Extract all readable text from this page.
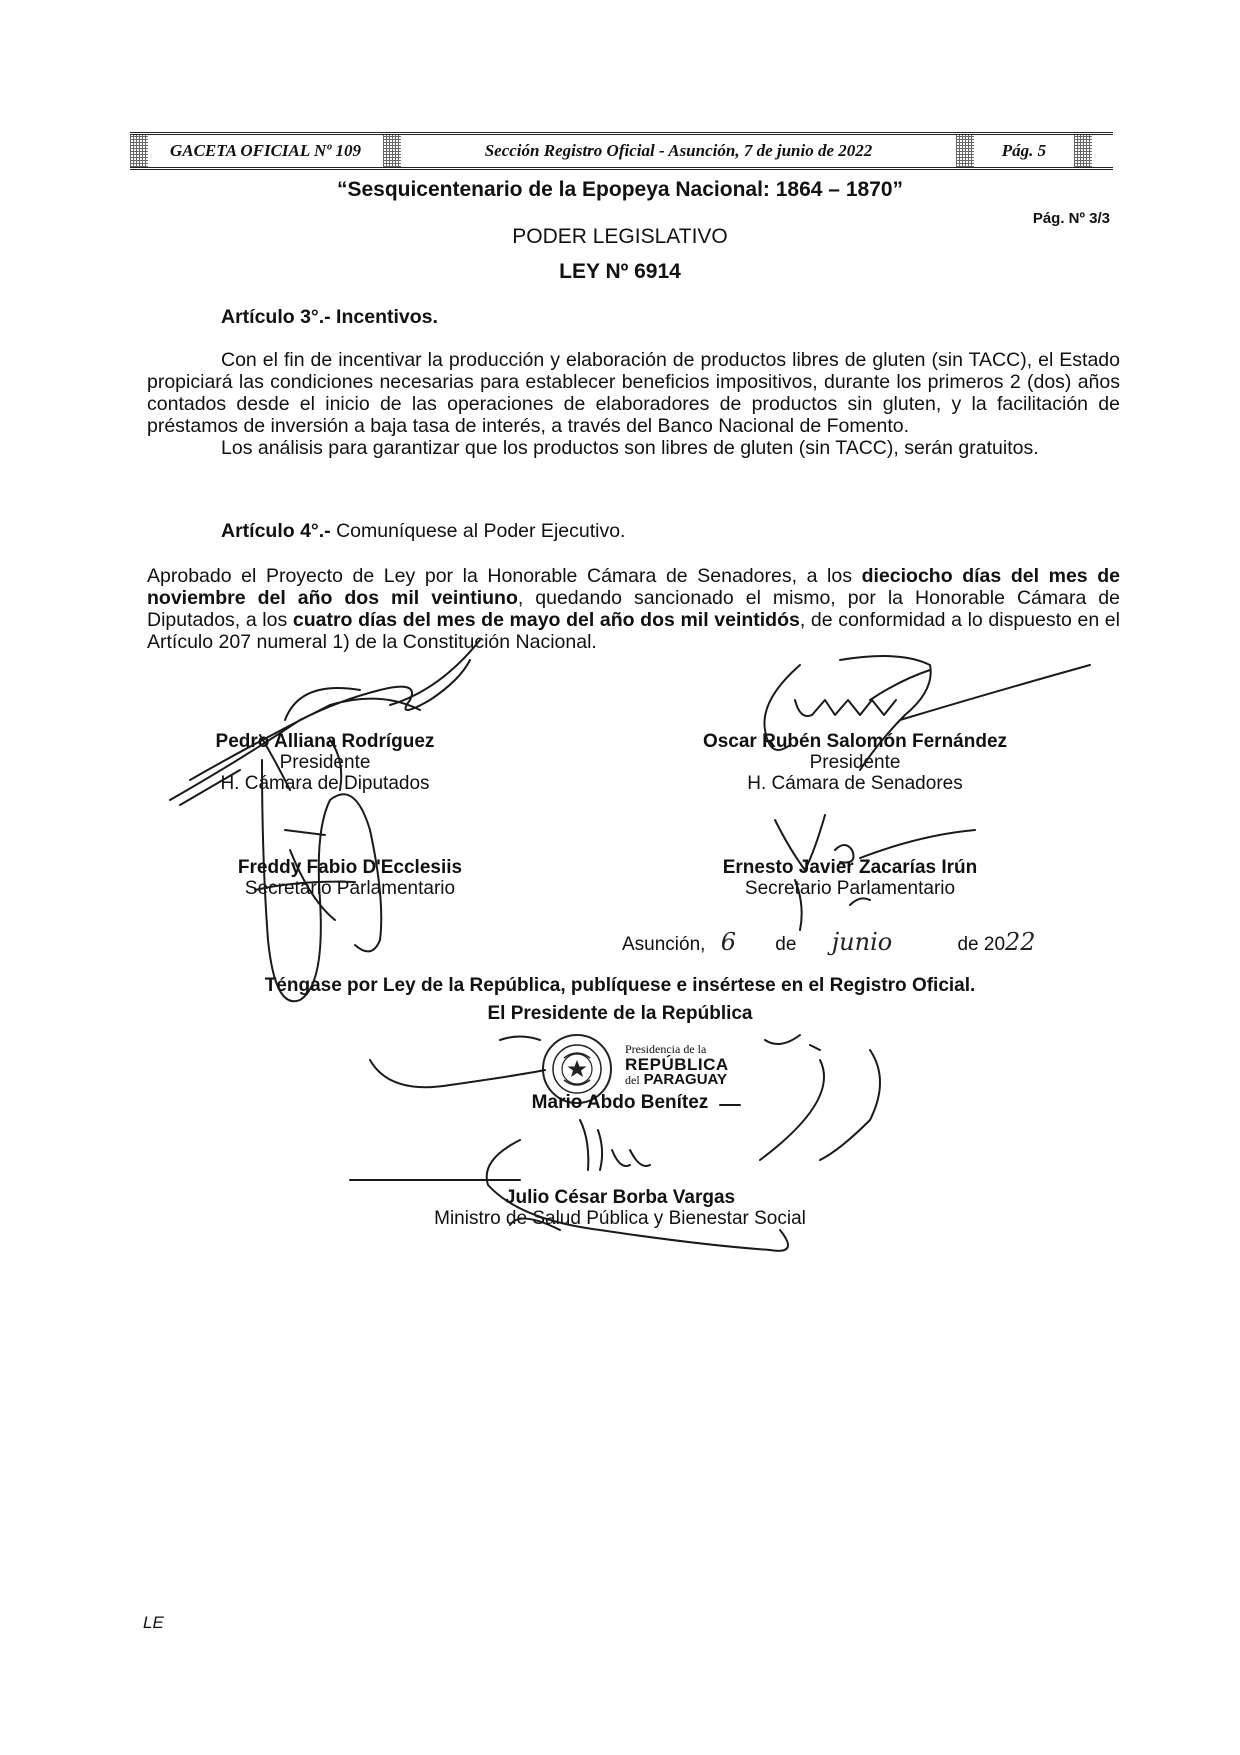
GACETA OFICIAL Nº 109	Sección Registro Oficial - Asunción, 7 de junio de 2022	Pág. 5
“Sesquicentenario de la Epopeya Nacional: 1864 – 1870”
Pág. Nº 3/3
PODER LEGISLATIVO
LEY Nº 6914
Artículo 3°.- Incentivos.

Con el fin de incentivar la producción y elaboración de productos libres de gluten (sin TACC), el Estado propiciará las condiciones necesarias para establecer beneficios impositivos, durante los primeros 2 (dos) años contados desde el inicio de las operaciones de elaboradores de productos sin gluten, y la facilitación de préstamos de inversión a baja tasa de interés, a través del Banco Nacional de Fomento.

Los análisis para garantizar que los productos son libres de gluten (sin TACC), serán gratuitos.

Artículo 4°.- Comuníquese al Poder Ejecutivo.
Aprobado el Proyecto de Ley por la Honorable Cámara de Senadores, a los dieciocho días del mes de noviembre del año dos mil veintiuno, quedando sancionado el mismo, por la Honorable Cámara de Diputados, a los cuatro días del mes de mayo del año dos mil veintidós, de conformidad a lo dispuesto en el Artículo 207 numeral 1) de la Constitución Nacional.
Pedro Alliana Rodríguez
Presidente
H. Cámara de Diputados
Oscar Rubén Salomón Fernández
Presidente
H. Cámara de Senadores
Freddy Fabio D'Ecclesiis
Secretario Parlamentario
Ernesto Javier Zacarías Irún
Secretario Parlamentario
Asunción, 6 de junio	de 2022
Téngase por Ley de la República, publíquese e insértese en el Registro Oficial.
El Presidente de la República
Presidencia de la
REPÚBLICA
del PARAGUAY
Mario Abdo Benítez
Julio César Borba Vargas
Ministro de Salud Pública y Bienestar Social
LE
